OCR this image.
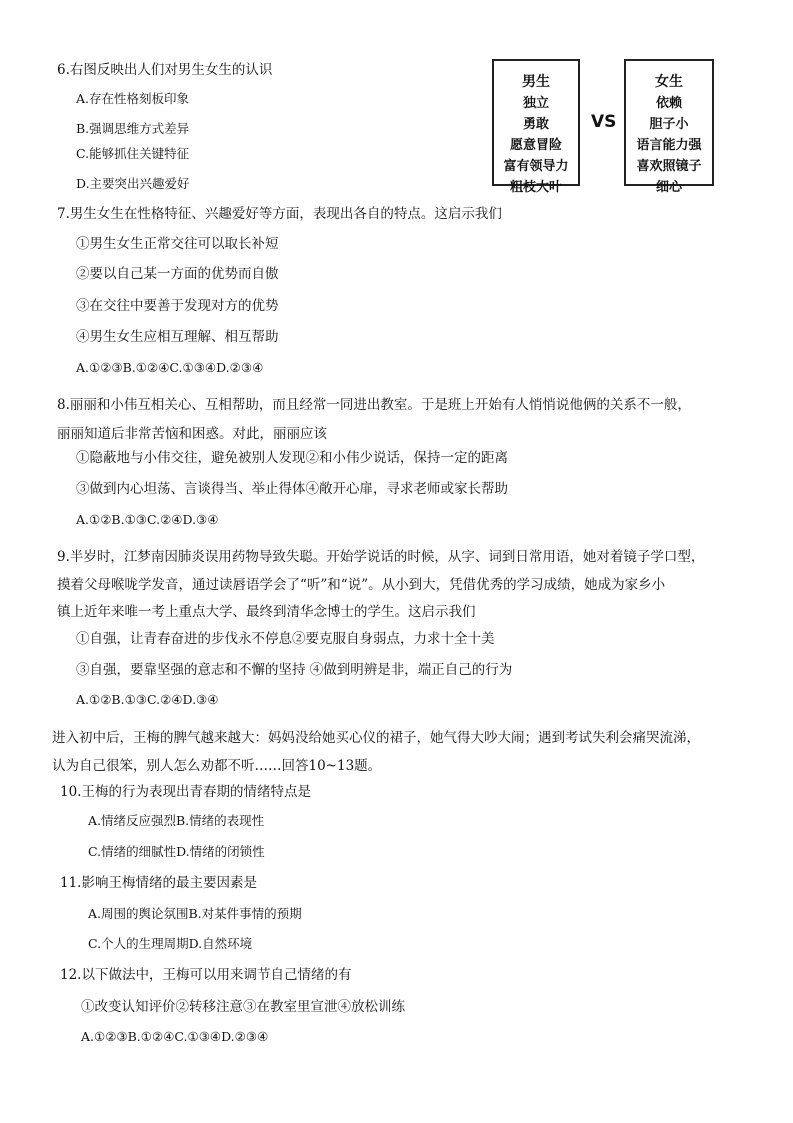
男生
独立
勇敢
愿意冒险
富有领导力
粗枝大叶
VS
女生
依赖
胆子小
语言能力强
喜欢照镜子
细心
6.右图反映出人们对男生女生的认识
A.存在性格刻板印象
B.强调思维方式差异
C.能够抓住关键特征
D.主要突出兴趣爱好
7.男生女生在性格特征、兴趣爱好等方面，表现出各自的特点。这启示我们
①男生女生正常交往可以取长补短
②要以自己某一方面的优势而自傲
③在交往中要善于发现对方的优势
④男生女生应相互理解、相互帮助
A.①②③B.①②④C.①③④D.②③④
8.丽丽和小伟互相关心、互相帮助，而且经常一同进出教室。于是班上开始有人悄悄说他俩的关系不一般，
丽丽知道后非常苦恼和困惑。对此，丽丽应该
①隐蔽地与小伟交往，避免被别人发现②和小伟少说话，保持一定的距离
③做到内心坦荡、言谈得当、举止得体④敞开心扉，寻求老师或家长帮助
A.①②B.①③C.②④D.③④
9.半岁时，江梦南因肺炎误用药物导致失聪。开始学说话的时候，从字、词到日常用语，她对着镜子学口型，
摸着父母喉咙学发音，通过读唇语学会了“听”和“说”。从小到大，凭借优秀的学习成绩，她成为家乡小
镇上近年来唯一考上重点大学、最终到清华念博士的学生。这启示我们
①自强，让青春奋进的步伐永不停息②要克服自身弱点，力求十全十美
③自强，要靠坚强的意志和不懈的坚持 ④做到明辨是非，端正自己的行为
A.①②B.①③C.②④D.③④
进入初中后，王梅的脾气越来越大：妈妈没给她买心仪的裙子，她气得大吵大闹；遇到考试失利会痛哭流涕，
认为自己很笨，别人怎么劝都不听……回答10~13题。
10.王梅的行为表现出青春期的情绪特点是
A.情绪反应强烈B.情绪的表现性
C.情绪的细腻性D.情绪的闭锁性
11.影响王梅情绪的最主要因素是
A.周围的舆论氛围B.对某件事情的预期
C.个人的生理周期D.自然环境
12.以下做法中，王梅可以用来调节自己情绪的有
①改变认知评价②转移注意③在教室里宣泄④放松训练
A.①②③B.①②④C.①③④D.②③④
